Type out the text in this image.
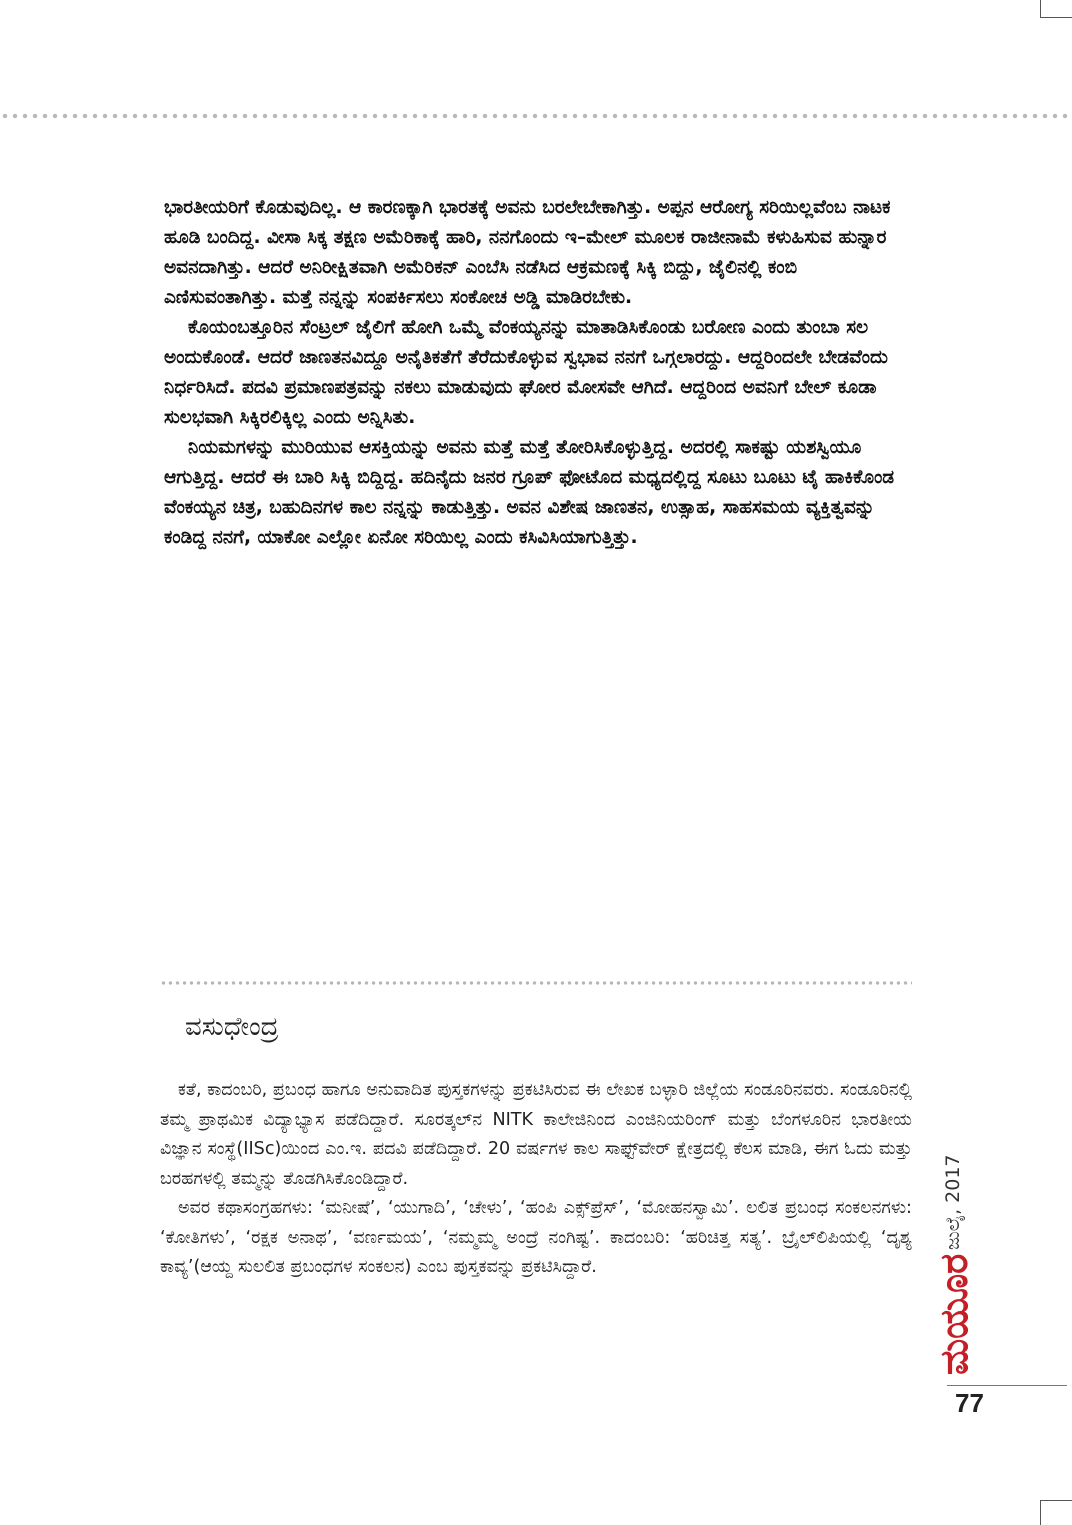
ಭಾರತೀಯರಿಗೆ ಕೊಡುವುದಿಲ್ಲ. ಆ ಕಾರಣಕ್ಕಾಗಿ ಭಾರತಕ್ಕೆ ಅವನು ಬರಲೇಬೇಕಾಗಿತ್ತು. ಅಪ್ಪನ ಆರೋಗ್ಯ ಸರಿಯಿಲ್ಲವೆಂಬ ನಾಟಕ ಹೂಡಿ ಬಂದಿದ್ದ. ವೀಸಾ ಸಿಕ್ಕ ತಕ್ಷಣ ಅಮೆರಿಕಾಕ್ಕೆ ಹಾರಿ, ನನಗೊಂದು ಇ–ಮೇಲ್ ಮೂಲಕ ರಾಜೀನಾಮೆ ಕಳುಹಿಸುವ ಹುನ್ನಾರ ಅವನದಾಗಿತ್ತು. ಆದರೆ ಅನಿರೀಕ್ಷಿತವಾಗಿ ಅಮೆರಿಕನ್ ಎಂಬೆಸಿ ನಡೆಸಿದ ಆಕ್ರಮಣಕ್ಕೆ ಸಿಕ್ಕಿ ಬಿದ್ದು, ಜೈಲಿನಲ್ಲಿ ಕಂಬಿ ಎಣಿಸುವಂತಾಗಿತ್ತು. ಮತ್ತೆ ನನ್ನನ್ನು ಸಂಪರ್ಕಿಸಲು ಸಂಕೋಚ ಅಡ್ಡಿ ಮಾಡಿರಬೇಕು.

ಕೊಯಂಬತ್ತೂರಿನ ಸೆಂಟ್ರಲ್ ಜೈಲಿಗೆ ಹೋಗಿ ಒಮ್ಮೆ ವೆಂಕಯ್ಯನನ್ನು ಮಾತಾಡಿಸಿಕೊಂಡು ಬರೋಣ ಎಂದು ತುಂಬಾ ಸಲ ಅಂದುಕೊಂಡೆ. ಆದರೆ ಜಾಣತನವಿದ್ದೂ ಅನೈತಿಕತೆಗೆ ತೆರೆದುಕೊಳ್ಳುವ ಸ್ವಭಾವ ನನಗೆ ಒಗ್ಗಲಾರದ್ದು. ಆದ್ದರಿಂದಲೇ ಬೇಡವೆಂದು ನಿರ್ಧರಿಸಿದೆ. ಪದವಿ ಪ್ರಮಾಣಪತ್ರವನ್ನು ನಕಲು ಮಾಡುವುದು ಘೋರ ಮೋಸವೇ ಆಗಿದೆ. ಆದ್ದರಿಂದ ಅವನಿಗೆ ಬೇಲ್ ಕೂಡಾ ಸುಲಭವಾಗಿ ಸಿಕ್ಕಿರಲಿಕ್ಕಿಲ್ಲ ಎಂದು ಅನ್ನಿಸಿತು.

ನಿಯಮಗಳನ್ನು ಮುರಿಯುವ ಆಸಕ್ತಿಯನ್ನು ಅವನು ಮತ್ತೆ ಮತ್ತೆ ತೋರಿಸಿಕೊಳ್ಳುತ್ತಿದ್ದ. ಅದರಲ್ಲಿ ಸಾಕಷ್ಟು ಯಶಸ್ವಿಯೂ ಆಗುತ್ತಿದ್ದ. ಆದರೆ ಈ ಬಾರಿ ಸಿಕ್ಕಿ ಬಿದ್ದಿದ್ದ. ಹದಿನೈದು ಜನರ ಗ್ರೂಪ್ ಫೋಟೊದ ಮಧ್ಯದಲ್ಲಿದ್ದ ಸೂಟು ಬೂಟು ಟೈ ಹಾಕಿಕೊಂಡ ವೆಂಕಯ್ಯನ ಚಿತ್ರ, ಬಹುದಿನಗಳ ಕಾಲ ನನ್ನನ್ನು ಕಾಡುತ್ತಿತ್ತು. ಅವನ ವಿಶೇಷ ಜಾಣತನ, ಉತ್ಸಾಹ, ಸಾಹಸಮಯ ವ್ಯಕ್ತಿತ್ವವನ್ನು ಕಂಡಿದ್ದ ನನಗೆ, ಯಾಕೋ ಎಲ್ಲೋ ಏನೋ ಸರಿಯಿಲ್ಲ ಎಂದು ಕಸಿವಿಸಿಯಾಗುತ್ತಿತ್ತು.

ವಸುಧೇಂದ್ರ

ಕತೆ, ಕಾದಂಬರಿ, ಪ್ರಬಂಧ ಹಾಗೂ ಅನುವಾದಿತ ಪುಸ್ತಕಗಳನ್ನು ಪ್ರಕಟಿಸಿರುವ ಈ ಲೇಖಕ ಬಳ್ಳಾರಿ ಜಿಲ್ಲೆಯ ಸಂಡೂರಿನವರು. ಸಂಡೂರಿನಲ್ಲಿ ತಮ್ಮ ಪ್ರಾಥಮಿಕ ವಿದ್ಯಾಭ್ಯಾಸ ಪಡೆದಿದ್ದಾರೆ. ಸೂರತ್ಕಲ್‌ನ NITK ಕಾಲೇಜಿನಿಂದ ಎಂಜಿನಿಯರಿಂಗ್ ಮತ್ತು ಬೆಂಗಳೂರಿನ ಭಾರತೀಯ ವಿಜ್ಞಾನ ಸಂಸ್ಥೆ(IISc)ಯಿಂದ ಎಂ.ಇ. ಪದವಿ ಪಡೆದಿದ್ದಾರೆ. 20 ವರ್ಷಗಳ ಕಾಲ ಸಾಫ್ಟ್‌ವೇರ್ ಕ್ಷೇತ್ರದಲ್ಲಿ ಕೆಲಸ ಮಾಡಿ, ಈಗ ಓದು ಮತ್ತು ಬರಹಗಳಲ್ಲಿ ತಮ್ಮನ್ನು ತೊಡಗಿಸಿಕೊಂಡಿದ್ದಾರೆ.

ಅವರ ಕಥಾಸಂಗ್ರಹಗಳು: ‘ಮನೀಷೆ’, ‘ಯುಗಾದಿ’, ‘ಚೇಳು’, ‘ಹಂಪಿ ಎಕ್ಸ್‌ಪ್ರೆಸ್’, ‘ಮೋಹನಸ್ವಾಮಿ’. ಲಲಿತ ಪ್ರಬಂಧ ಸಂಕಲನಗಳು: ‘ಕೋತಿಗಳು’, ‘ರಕ್ಷಕ ಅನಾಥ’, ‘ವರ್ಣಮಯ’, ‘ನಮ್ಮಮ್ಮ ಅಂದ್ರೆ ನಂಗಿಷ್ಟ’. ಕಾದಂಬರಿ: ‘ಹರಿಚಿತ್ತ ಸತ್ಯ’. ಬ್ರೈಲ್‌ಲಿಪಿಯಲ್ಲಿ ‘ದೃಶ್ಯ ಕಾವ್ಯ’(ಆಯ್ದ ಸುಲಲಿತ ಪ್ರಬಂಧಗಳ ಸಂಕಲನ) ಎಂಬ ಪುಸ್ತಕವನ್ನು ಪ್ರಕಟಿಸಿದ್ದಾರೆ.

ಜುಲೈ, 2017
ಮಯೂರ
77
